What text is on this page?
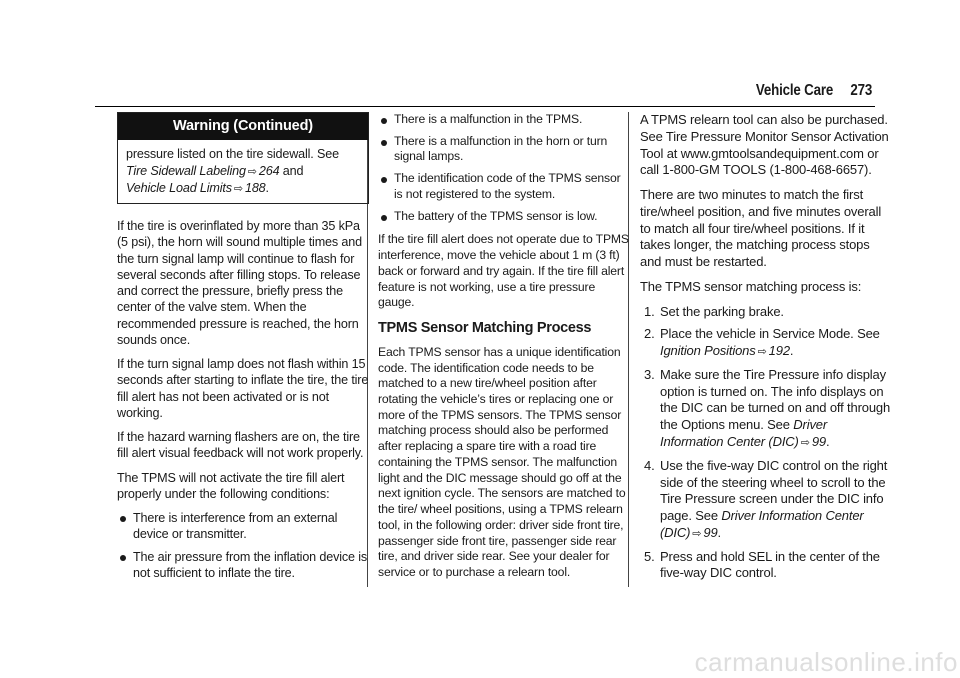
Vehicle Care 273
Warning (Continued)
pressure listed on the tire sidewall. See
Tire Sidewall Labeling ⇨ 264 and
Vehicle Load Limits ⇨ 188.

If the tire is overinflated by more than 35 kPa (5 psi), the horn will sound multiple times and the turn signal lamp will continue to flash for several seconds after filling stops. To release and correct the pressure, briefly press the center of the valve stem. When the recommended pressure is reached, the horn sounds once.

If the turn signal lamp does not flash within 15 seconds after starting to inflate the tire, the tire fill alert has not been activated or is not working.

If the hazard warning flashers are on, the tire fill alert visual feedback will not work properly.

The TPMS will not activate the tire fill alert properly under the following conditions:

There is interference from an external device or transmitter.
The air pressure from the inflation device is not sufficient to inflate the tire.
There is a malfunction in the TPMS.
There is a malfunction in the horn or turn signal lamps.
The identification code of the TPMS sensor is not registered to the system.
The battery of the TPMS sensor is low.

If the tire fill alert does not operate due to TPMS interference, move the vehicle about 1 m (3 ft) back or forward and try again. If the tire fill alert feature is not working, use a tire pressure gauge.

TPMS Sensor Matching Process

Each TPMS sensor has a unique identification code. The identification code needs to be matched to a new tire/wheel position after rotating the vehicle’s tires or replacing one or more of the TPMS sensors. The TPMS sensor matching process should also be performed after replacing a spare tire with a road tire containing the TPMS sensor. The malfunction light and the DIC message should go off at the next ignition cycle. The sensors are matched to the tire/ wheel positions, using a TPMS relearn tool, in the following order: driver side front tire, passenger side front tire, passenger side rear tire, and driver side rear. See your dealer for service or to purchase a relearn tool.

A TPMS relearn tool can also be purchased. See Tire Pressure Monitor Sensor Activation Tool at www.gmtoolsandequipment.com or call 1-800-GM TOOLS (1-800-468-6657).

There are two minutes to match the first tire/wheel position, and five minutes overall to match all four tire/wheel positions. If it takes longer, the matching process stops and must be restarted.

The TPMS sensor matching process is:

1. Set the parking brake.
2. Place the vehicle in Service Mode. See Ignition Positions ⇨ 192.
3. Make sure the Tire Pressure info display option is turned on. The info displays on the DIC can be turned on and off through the Options menu. See Driver Information Center (DIC) ⇨ 99.
4. Use the five-way DIC control on the right side of the steering wheel to scroll to the Tire Pressure screen under the DIC info page. See Driver Information Center (DIC) ⇨ 99.
5. Press and hold SEL in the center of the five-way DIC control.
carmanualsonline.info
